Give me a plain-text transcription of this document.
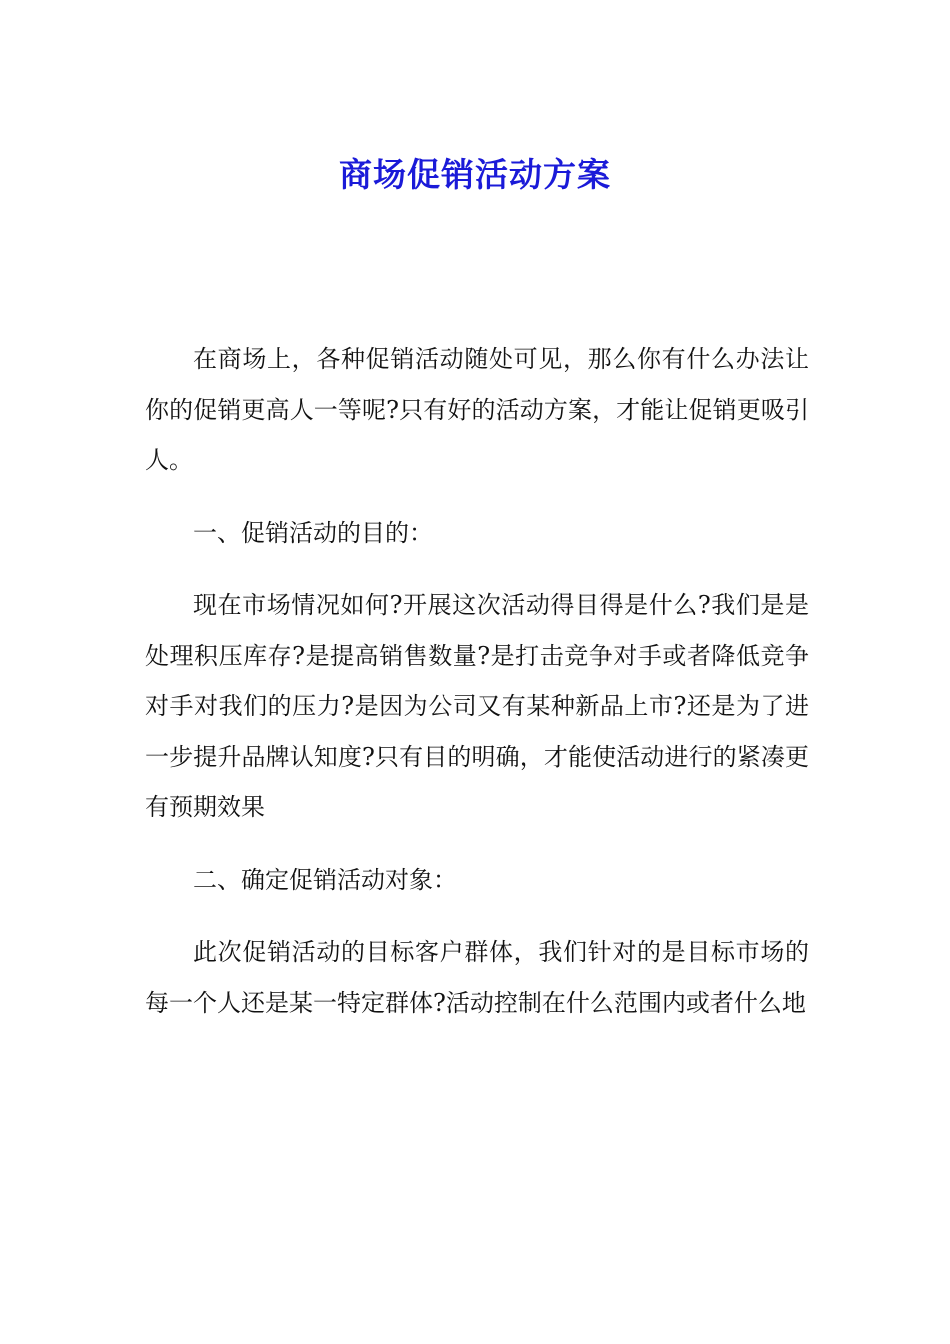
商场促销活动方案

在商场上，各种促销活动随处可见，那么你有什么办法让你的促销更高人一等呢?只有好的活动方案，才能让促销更吸引人。

一、促销活动的目的：

现在市场情况如何?开展这次活动得目得是什么?我们是是处理积压库存?是提高销售数量?是打击竞争对手或者降低竞争对手对我们的压力?是因为公司又有某种新品上市?还是为了进一步提升品牌认知度?只有目的明确，才能使活动进行的紧凑更有预期效果

二、确定促销活动对象：

此次促销活动的目标客户群体，我们针对的是目标市场的每一个人还是某一特定群体?活动控制在什么范围内或者什么地
